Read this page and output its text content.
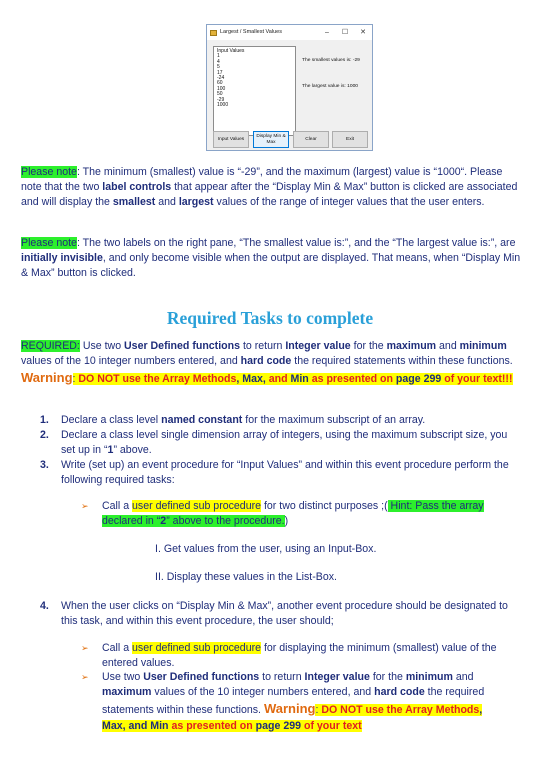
Largest / Smallest Values	–	☐	✕
Input Values
1
4
5
17
-24
60
100
50
-29
1000
The smallest values is: -29
The largest value is: 1000
Input Values
Display Min & Max
Clear	Exit

Please note: The minimum (smallest) value is “-29”, and the maximum (largest) value is “1000“. Please note that the two label controls that appear after the “Display Min & Max” button is clicked are associated and will display the smallest and largest values of the range of integer values that the user enters.

Please note: The two labels on the right pane, “The smallest value is:”, and the “The largest value is:”, are initially invisible, and only become visible when the output are displayed. That means, when “Display Min & Max” button is clicked.

Required Tasks to complete

REQUIRED: Use two User Defined functions to return Integer value for the maximum and minimum values of the 10 integer numbers entered, and hard code the required statements within these functions. Warning: DO NOT use the Array Methods, Max, and Min as presented on page 299 of your text!!!

1.	Declare a class level named constant for the maximum subscript of an array.
2.	Declare a class level single dimension array of integers, using the maximum subscript size, you set up in “1” above.
3.	Write (set up) an event procedure for “Input Values” and within this event procedure perform the following required tasks:
➢	Call a user defined sub procedure for two distinct purposes ;( Hint: Pass the array declared in “2” above to the procedure.)
I. Get values from the user, using an Input-Box.
II. Display these values in the List-Box.
4.	When the user clicks on “Display Min & Max”, another event procedure should be designated to this task, and within this event procedure, the user should;
➢	Call a user defined sub procedure for displaying the minimum (smallest) value of the entered values.
➢	Use two User Defined functions to return Integer value for the minimum and maximum values of the 10 integer numbers entered, and hard code the required statements within these functions. Warning: DO NOT use the Array Methods, Max, and Min as presented on page 299 of your text
